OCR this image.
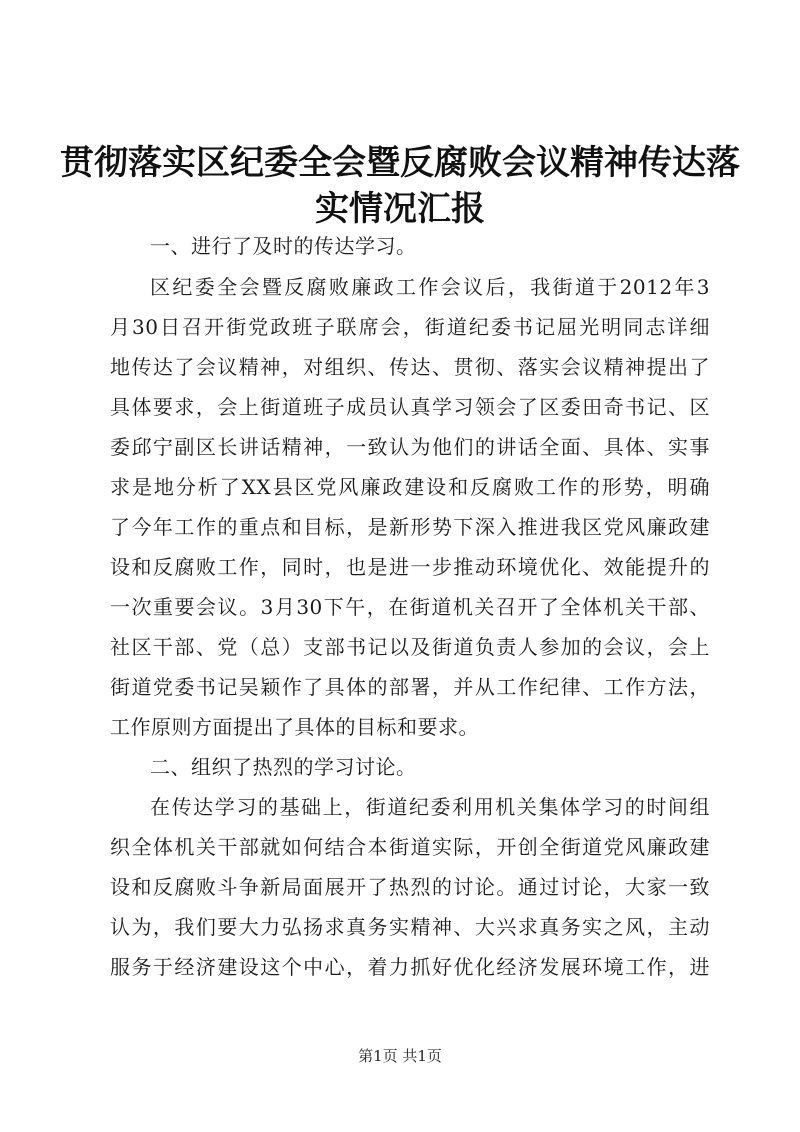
贯彻落实区纪委全会暨反腐败会议精神传达落
实情况汇报
一、进行了及时的传达学习。
区纪委全会暨反腐败廉政工作会议后，我街道于2012年3
月30日召开街党政班子联席会，街道纪委书记屈光明同志详细
地传达了会议精神，对组织、传达、贯彻、落实会议精神提出了
具体要求，会上街道班子成员认真学习领会了区委田奇书记、区
委邱宁副区长讲话精神，一致认为他们的讲话全面、具体、实事
求是地分析了XX县区党风廉政建设和反腐败工作的形势，明确
了今年工作的重点和目标，是新形势下深入推进我区党风廉政建
设和反腐败工作，同时，也是进一步推动环境优化、效能提升的
一次重要会议。3月30下午，在街道机关召开了全体机关干部、
社区干部、党（总）支部书记以及街道负责人参加的会议，会上
街道党委书记吴颖作了具体的部署，并从工作纪律、工作方法，
工作原则方面提出了具体的目标和要求。
二、组织了热烈的学习讨论。
在传达学习的基础上，街道纪委利用机关集体学习的时间组
织全体机关干部就如何结合本街道实际，开创全街道党风廉政建
设和反腐败斗争新局面展开了热烈的讨论。通过讨论，大家一致
认为，我们要大力弘扬求真务实精神、大兴求真务实之风，主动
服务于经济建设这个中心，着力抓好优化经济发展环境工作，进
第1页 共1页
